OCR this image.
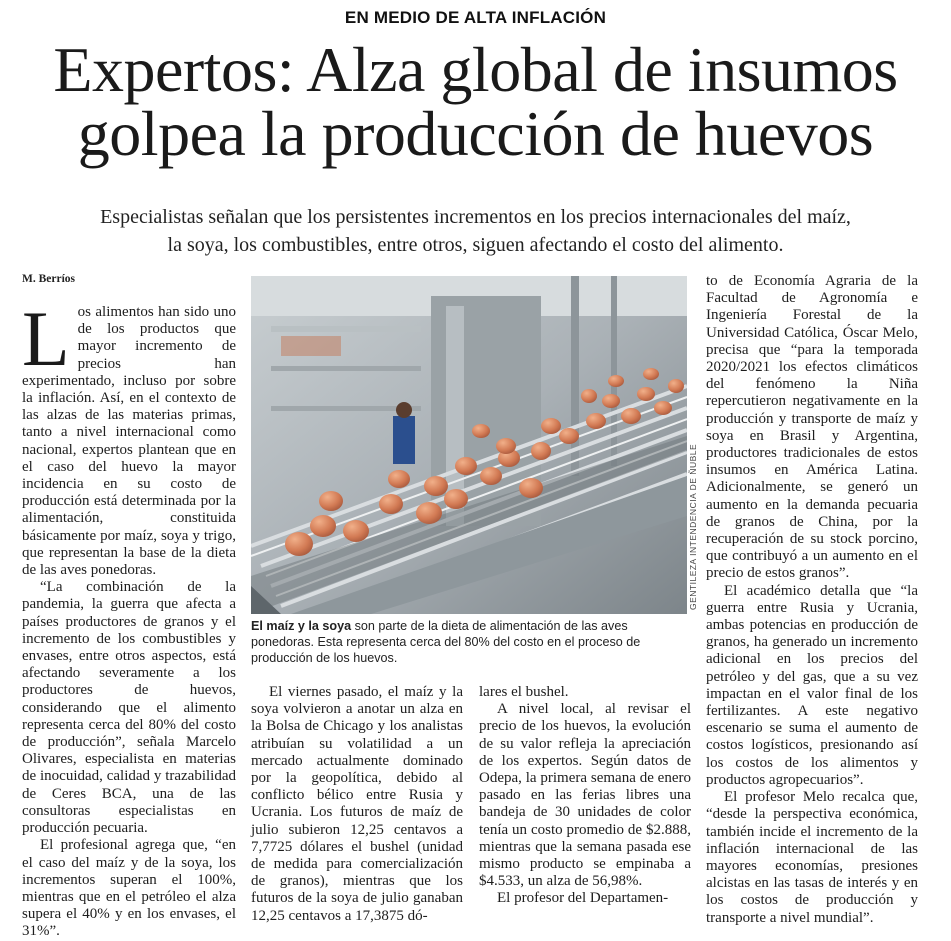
EN MEDIO DE ALTA INFLACIÓN
Expertos: Alza global de insumos
golpea la producción de huevos
Especialistas señalan que los persistentes incrementos en los precios internacionales del maíz,
la soya, los combustibles, entre otros, siguen afectando el costo del alimento.
M. Berríos

Los alimentos han sido uno de los productos que mayor incremento de precios han experimentado, incluso por sobre la inflación. Así, en el contexto de las alzas de las materias primas, tanto a nivel internacional como nacional, expertos plantean que en el caso del huevo la mayor incidencia en su costo de producción está determinada por la alimentación, constituida básicamente por maíz, soya y trigo, que representan la base de la dieta de las aves ponedoras.

“La combinación de la pandemia, la guerra que afecta a países productores de granos y el incremento de los combustibles y envases, entre otros aspectos, está afectando severamente a los productores de huevos, considerando que el alimento representa cerca del 80% del costo de producción”, señala Marcelo Olivares, especialista en materias de inocuidad, calidad y trazabilidad de Ceres BCA, una de las consultoras especialistas en producción pecuaria.

El profesional agrega que, “en el caso del maíz y de la soya, los incrementos superan el 100%, mientras que en el petróleo el alza supera el 40% y en los envases, el 31%”.

GENTILEZA INTENDENCIA DE ÑUBLE
El maíz y la soya son parte de la dieta de alimentación de las aves ponedoras. Esta representa cerca del 80% del costo en el proceso de producción de los huevos.

El viernes pasado, el maíz y la soya volvieron a anotar un alza en la Bolsa de Chicago y los analistas atribuían su volatilidad a un mercado actualmente dominado por la geopolítica, debido al conflicto bélico entre Rusia y Ucrania. Los futuros de maíz de julio subieron 12,25 centavos a 7,7725 dólares el bushel (unidad de medida para comercialización de granos), mientras que los futuros de la soya de julio ganaban 12,25 centavos a 17,3875 dó-

lares el bushel.

A nivel local, al revisar el precio de los huevos, la evolución de su valor refleja la apreciación de los expertos. Según datos de Odepa, la primera semana de enero pasado en las ferias libres una bandeja de 30 unidades de color tenía un costo promedio de $2.888, mientras que la semana pasada ese mismo producto se empinaba a $4.533, un alza de 56,98%.

El profesor del Departamen-

to de Economía Agraria de la Facultad de Agronomía e Ingeniería Forestal de la Universidad Católica, Óscar Melo, precisa que “para la temporada 2020/2021 los efectos climáticos del fenómeno la Niña repercutieron negativamente en la producción y transporte de maíz y soya en Brasil y Argentina, productores tradicionales de estos insumos en América Latina. Adicionalmente, se generó un aumento en la demanda pecuaria de granos de China, por la recuperación de su stock porcino, que contribuyó a un aumento en el precio de estos granos”.

El académico detalla que “la guerra entre Rusia y Ucrania, ambas potencias en producción de granos, ha generado un incremento adicional en los precios del petróleo y del gas, que a su vez impactan en el valor final de los fertilizantes. A este negativo escenario se suma el aumento de costos logísticos, presionando así los costos de los alimentos y productos agropecuarios”.

El profesor Melo recalca que, “desde la perspectiva económica, también incide el incremento de la inflación internacional de las mayores economías, presiones alcistas en las tasas de interés y en los costos de producción y transporte a nivel mundial”.
